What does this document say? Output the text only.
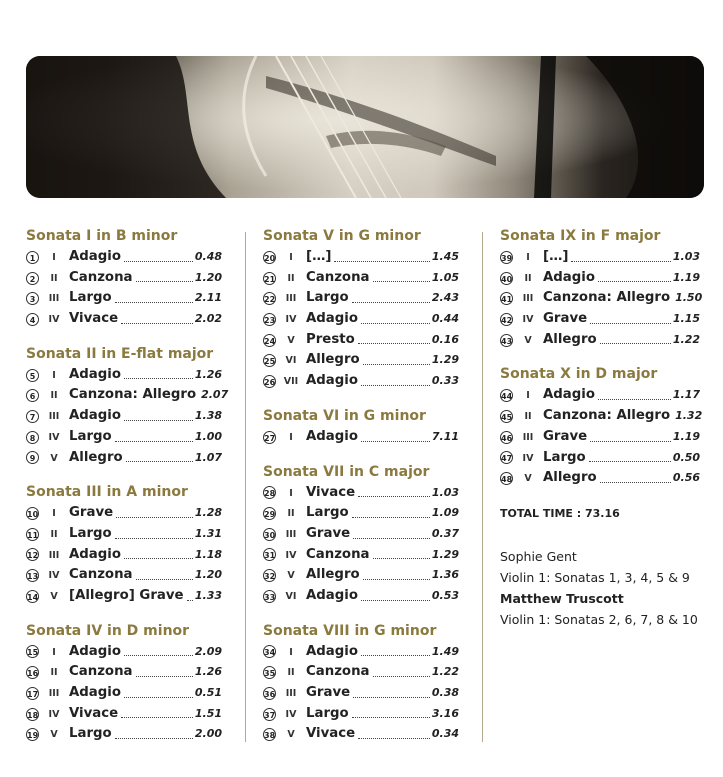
Sonata I in B minor
1	I Adagio	0.48
2	II Canzona	1.20
3	III Largo	2.11
4	IV Vivace	2.02
Sonata II in E-flat major
5	I Adagio	1.26
6	II Canzona: Allegro 2.07
7	III Adagio	1.38
8	IV Largo	1.00
9	V Allegro	1.07
Sonata III in A minor
10	I Grave	1.28
11	II Largo	1.31
12	III Adagio	1.18
13	IV Canzona	1.20
14	V [Allegro] Grave 1.33
Sonata IV in D minor
15	I Adagio	2.09
16	II Canzona	1.26
17	III Adagio	0.51
18	IV Vivace	1.51
19	V Largo	2.00
Sonata V in G minor
20	I […]	1.45
21	II Canzona	1.05
22	III Largo	2.43
23	IV Adagio	0.44
24	V Presto	0.16
25	VI Allegro	1.29
26 VII Adagio	0.33
Sonata VI in G minor
27	I Adagio	7.11
Sonata VII in C major
28	I Vivace	1.03
29	II Largo	1.09
30	III Grave	0.37
31	IV Canzona	1.29
32	V Allegro	1.36
33	VI Adagio	0.53
Sonata VIII in G minor
34	I Adagio	1.49
35	II Canzona	1.22
36	III Grave	0.38
37	IV Largo	3.16
38	V Vivace	0.34
Sonata IX in F major
39	I […]	1.03
40	II Adagio	1.19
41	III Canzona: Allegro 1.50
42	IV Grave	1.15
43	V Allegro	1.22
Sonata X in D major
44	I Adagio	1.17
45	II Canzona: Allegro 1.32
46	III Grave	1.19
47	IV Largo	0.50
48	V Allegro	0.56
TOTAL TIME : 73.16
Sophie Gent
Violin 1: Sonatas 1, 3, 4, 5 & 9
Matthew Truscott
Violin 1: Sonatas 2, 6, 7, 8 & 10
